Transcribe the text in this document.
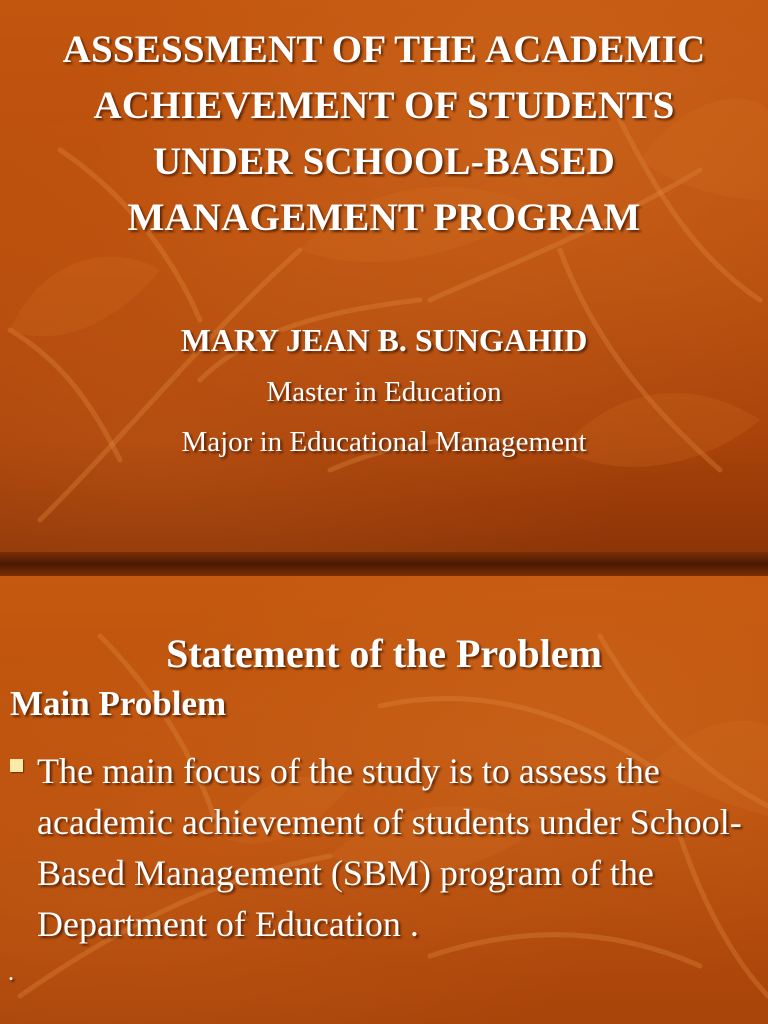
ASSESSMENT OF THE ACADEMIC
ACHIEVEMENT OF STUDENTS
UNDER SCHOOL-BASED
MANAGEMENT PROGRAM

MARY JEAN B. SUNGAHID

Master in Education

Major in Educational Management

Statement of the Problem
Main Problem

The main focus of the study is to assess the academic achievement of students under School-Based Management (SBM) program of the Department of Education .

.
